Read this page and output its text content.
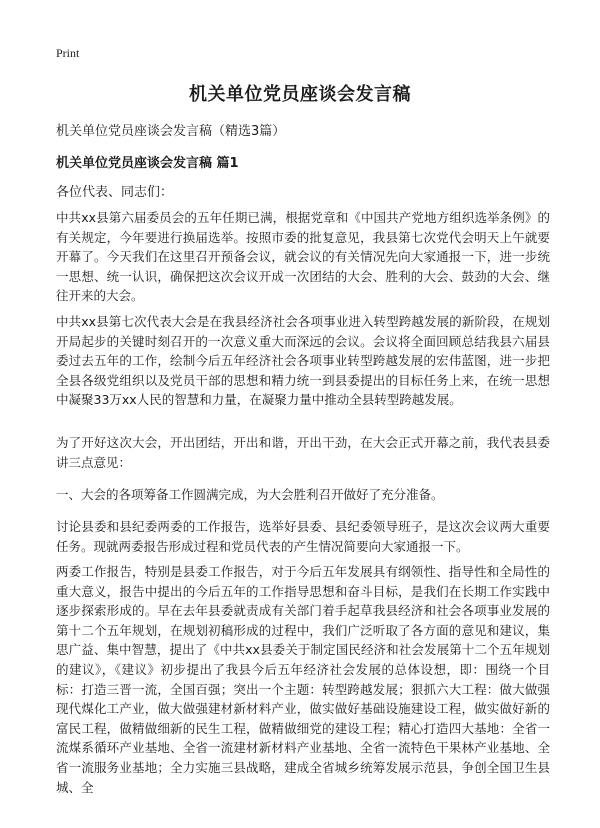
Print
机关单位党员座谈会发言稿
机关单位党员座谈会发言稿（精选3篇）
机关单位党员座谈会发言稿 篇1
各位代表、同志们：

中共xx县第六届委员会的五年任期已满，根据党章和《中国共产党地方组织选举条例》的有关规定，今年要进行换届选举。按照市委的批复意见，我县第七次党代会明天上午就要开幕了。今天我们在这里召开预备会议，就会议的有关情况先向大家通报一下，进一步统一思想、统一认识，确保把这次会议开成一次团结的大会、胜利的大会、鼓劲的大会、继往开来的大会。

中共xx县第七次代表大会是在我县经济社会各项事业进入转型跨越发展的新阶段，在规划开局起步的关键时刻召开的一次意义重大而深远的会议。会议将全面回顾总结我县六届县委过去五年的工作，绘制今后五年经济社会各项事业转型跨越发展的宏伟蓝图，进一步把全县各级党组织以及党员干部的思想和精力统一到县委提出的目标任务上来，在统一思想中凝聚33万xx人民的智慧和力量，在凝聚力量中推动全县转型跨越发展。

为了开好这次大会，开出团结，开出和谐，开出干劲，在大会正式开幕之前，我代表县委讲三点意见：

一、大会的各项筹备工作圆满完成，为大会胜利召开做好了充分准备。

讨论县委和县纪委两委的工作报告，选举好县委、县纪委领导班子，是这次会议两大重要任务。现就两委报告形成过程和党员代表的产生情况简要向大家通报一下。

两委工作报告，特别是县委工作报告，对于今后五年发展具有纲领性、指导性和全局性的重大意义，报告中提出的今后五年的工作指导思想和奋斗目标，是我们在长期工作实践中逐步探索形成的。早在去年县委就责成有关部门着手起草我县经济和社会各项事业发展的第十二个五年规划，在规划初稿形成的过程中，我们广泛听取了各方面的意见和建议，集思广益、集中智慧，提出了《中共xx县委关于制定国民经济和社会发展第十二个五年规划的建议》，《建议》初步提出了我县今后五年经济社会发展的总体设想，即：围绕一个目标：打造三晋一流，全国百强；突出一个主题：转型跨越发展；狠抓六大工程：做大做强现代煤化工产业，做大做强建材新材料产业，做实做好基础设施建设工程，做实做好新的富民工程，做精做细新的民生工程，做精做细党的建设工程；精心打造四大基地：全省一流煤系循环产业基地、全省一流建材新材料产业基地、全省一流特色干果林产业基地、全省一流服务业基地；全力实施三县战略，建成全省城乡统筹发展示范县，争创全国卫生县城、全
